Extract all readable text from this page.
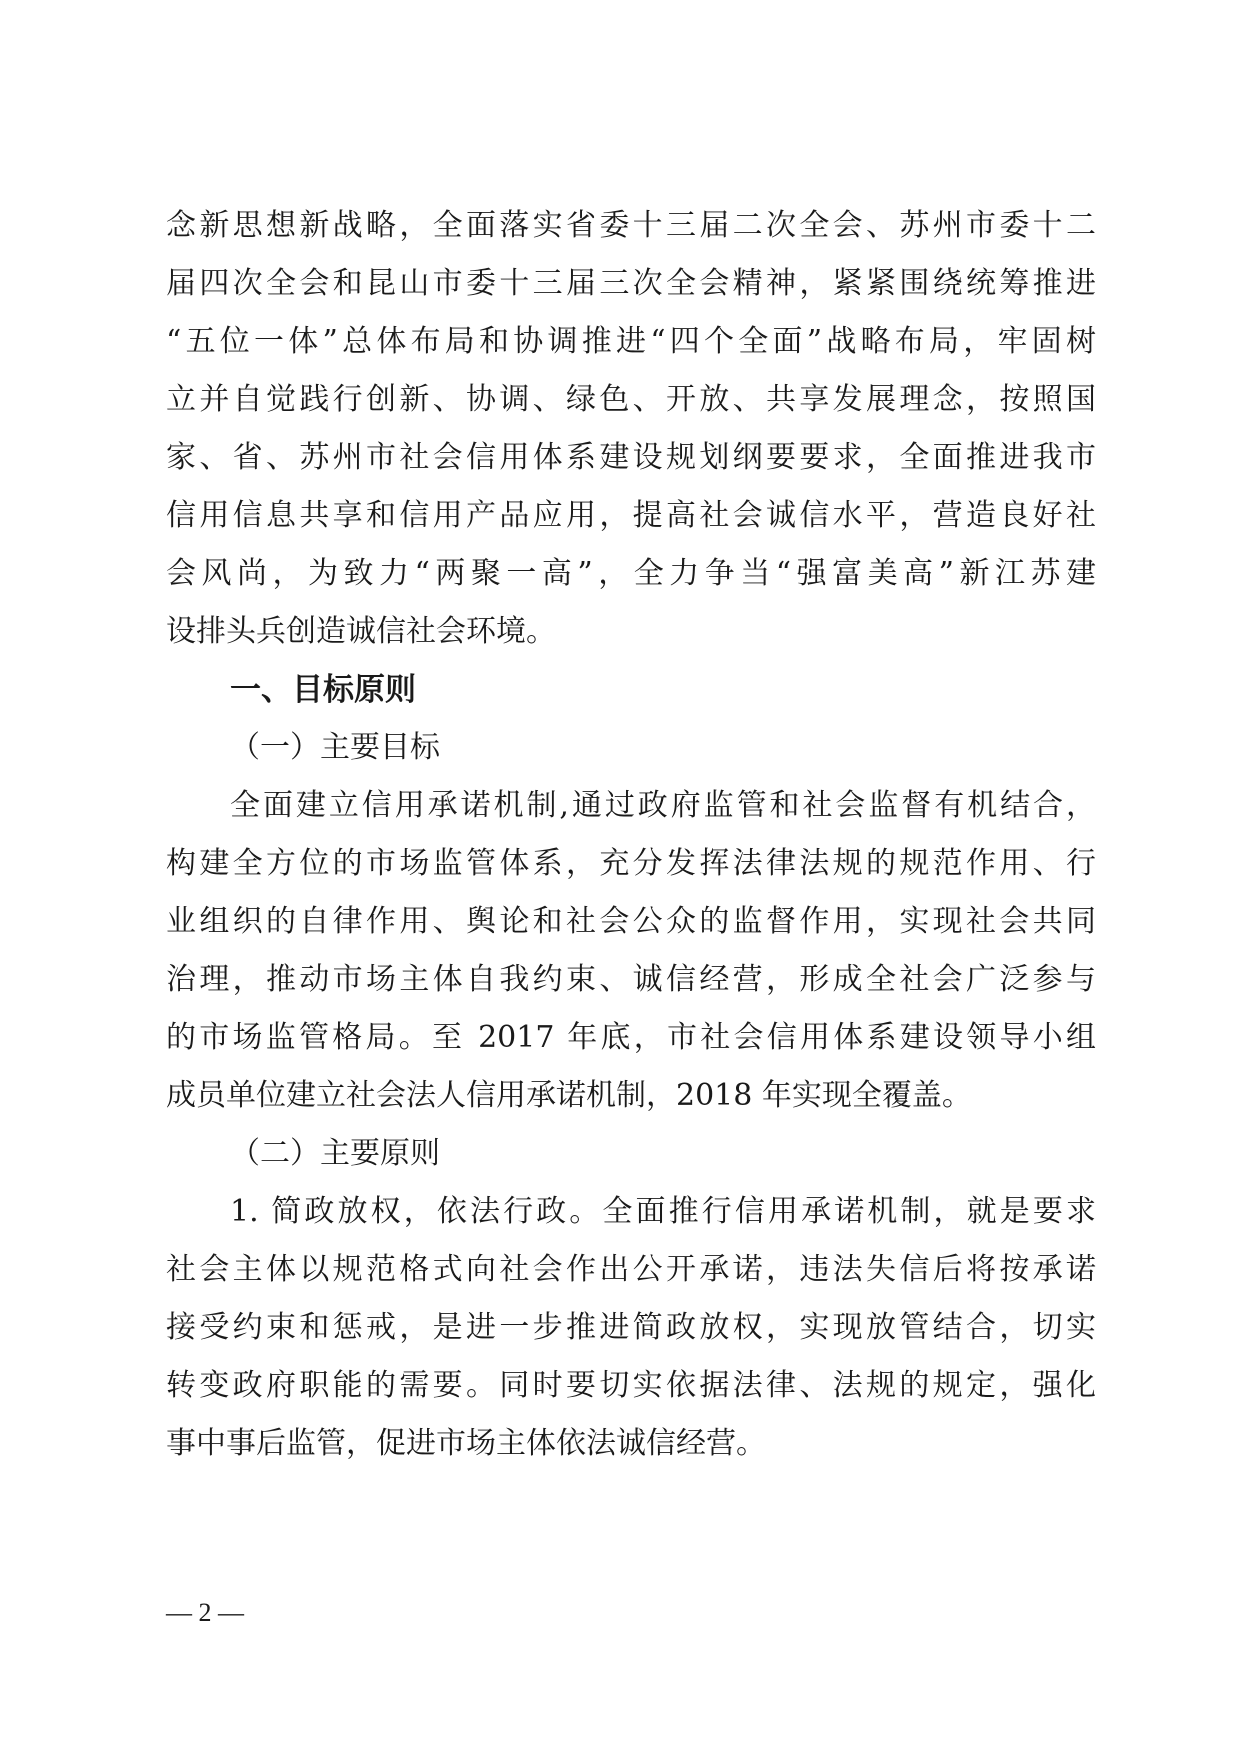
念新思想新战略，全面落实省委十三届二次全会、苏州市委十二
届四次全会和昆山市委十三届三次全会精神，紧紧围绕统筹推进
“五位一体”总体布局和协调推进“四个全面”战略布局，牢固树
立并自觉践行创新、协调、绿色、开放、共享发展理念，按照国
家、省、苏州市社会信用体系建设规划纲要要求，全面推进我市
信用信息共享和信用产品应用，提高社会诚信水平，营造良好社
会风尚，为致力“两聚一高”，全力争当“强富美高”新江苏建
设排头兵创造诚信社会环境。
一、目标原则
（一）主要目标
全面建立信用承诺机制,通过政府监管和社会监督有机结合，
构建全方位的市场监管体系，充分发挥法律法规的规范作用、行
业组织的自律作用、舆论和社会公众的监督作用，实现社会共同
治理，推动市场主体自我约束、诚信经营，形成全社会广泛参与
的市场监管格局。至 2017 年底，市社会信用体系建设领导小组
成员单位建立社会法人信用承诺机制，2018 年实现全覆盖。
（二）主要原则
1. 简政放权，依法行政。全面推行信用承诺机制，就是要求
社会主体以规范格式向社会作出公开承诺，违法失信后将按承诺
接受约束和惩戒，是进一步推进简政放权，实现放管结合，切实
转变政府职能的需要。同时要切实依据法律、法规的规定，强化
事中事后监管，促进市场主体依法诚信经营。
— 2 —
